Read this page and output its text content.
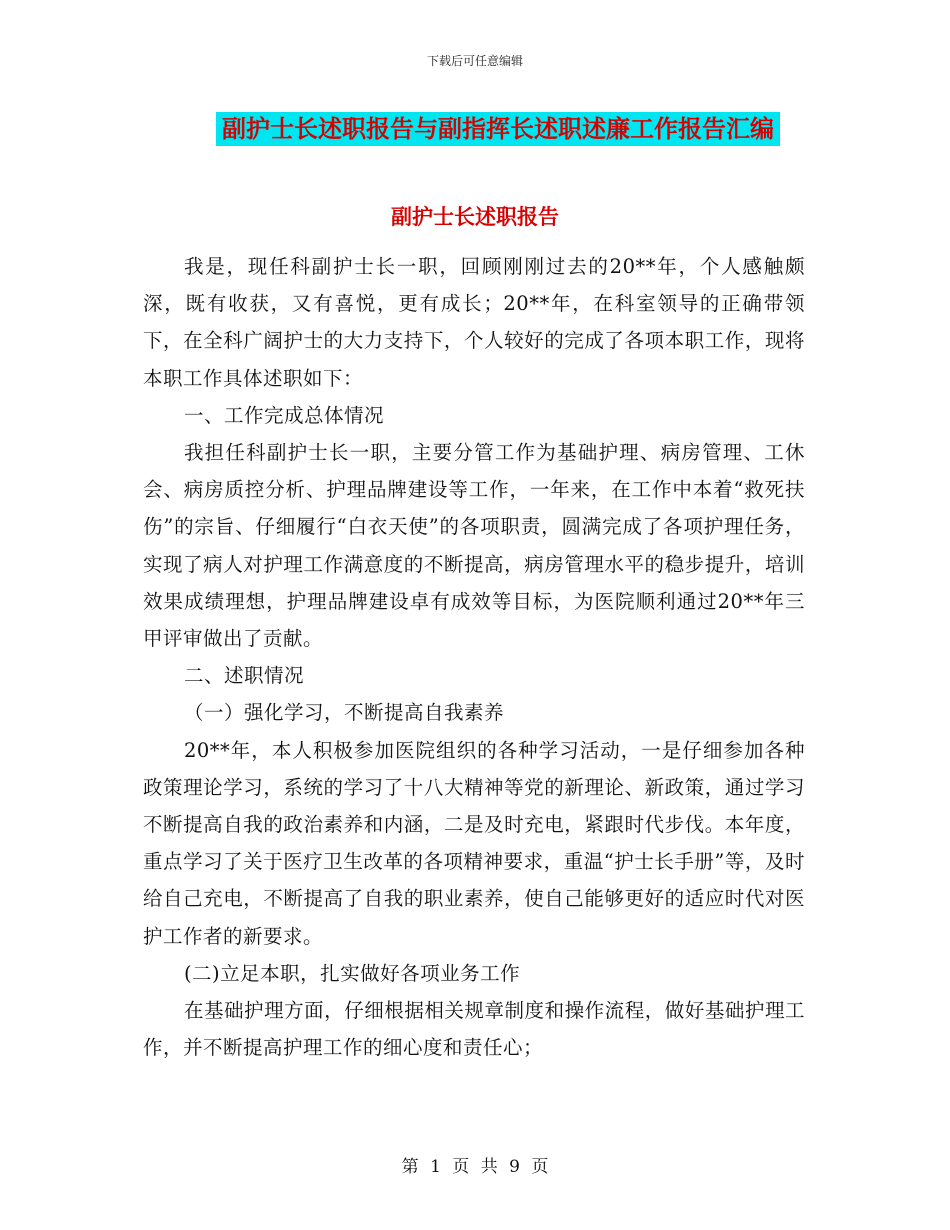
下载后可任意编辑
副护士长述职报告与副指挥长述职述廉工作报告汇编
副护士长述职报告

我是，现任科副护士长一职，回顾刚刚过去的20**年，个人感触颇深，既有收获，又有喜悦，更有成长；20**年，在科室领导的正确带领下，在全科广阔护士的大力支持下，个人较好的完成了各项本职工作，现将本职工作具体述职如下：

一、工作完成总体情况

我担任科副护士长一职，主要分管工作为基础护理、病房管理、工休会、病房质控分析、护理品牌建设等工作，一年来，在工作中本着“救死扶伤”的宗旨、仔细履行“白衣天使”的各项职责，圆满完成了各项护理任务，实现了病人对护理工作满意度的不断提高，病房管理水平的稳步提升，培训效果成绩理想，护理品牌建设卓有成效等目标，为医院顺利通过20**年三甲评审做出了贡献。

二、述职情况

（一）强化学习，不断提高自我素养

20**年，本人积极参加医院组织的各种学习活动，一是仔细参加各种政策理论学习，系统的学习了十八大精神等党的新理论、新政策，通过学习不断提高自我的政治素养和内涵，二是及时充电，紧跟时代步伐。本年度，重点学习了关于医疗卫生改革的各项精神要求，重温“护士长手册”等，及时给自己充电，不断提高了自我的职业素养，使自己能够更好的适应时代对医护工作者的新要求。

(二)立足本职，扎实做好各项业务工作

在基础护理方面，仔细根据相关规章制度和操作流程，做好基础护理工作，并不断提高护理工作的细心度和责任心；

第 1 页 共 9 页
